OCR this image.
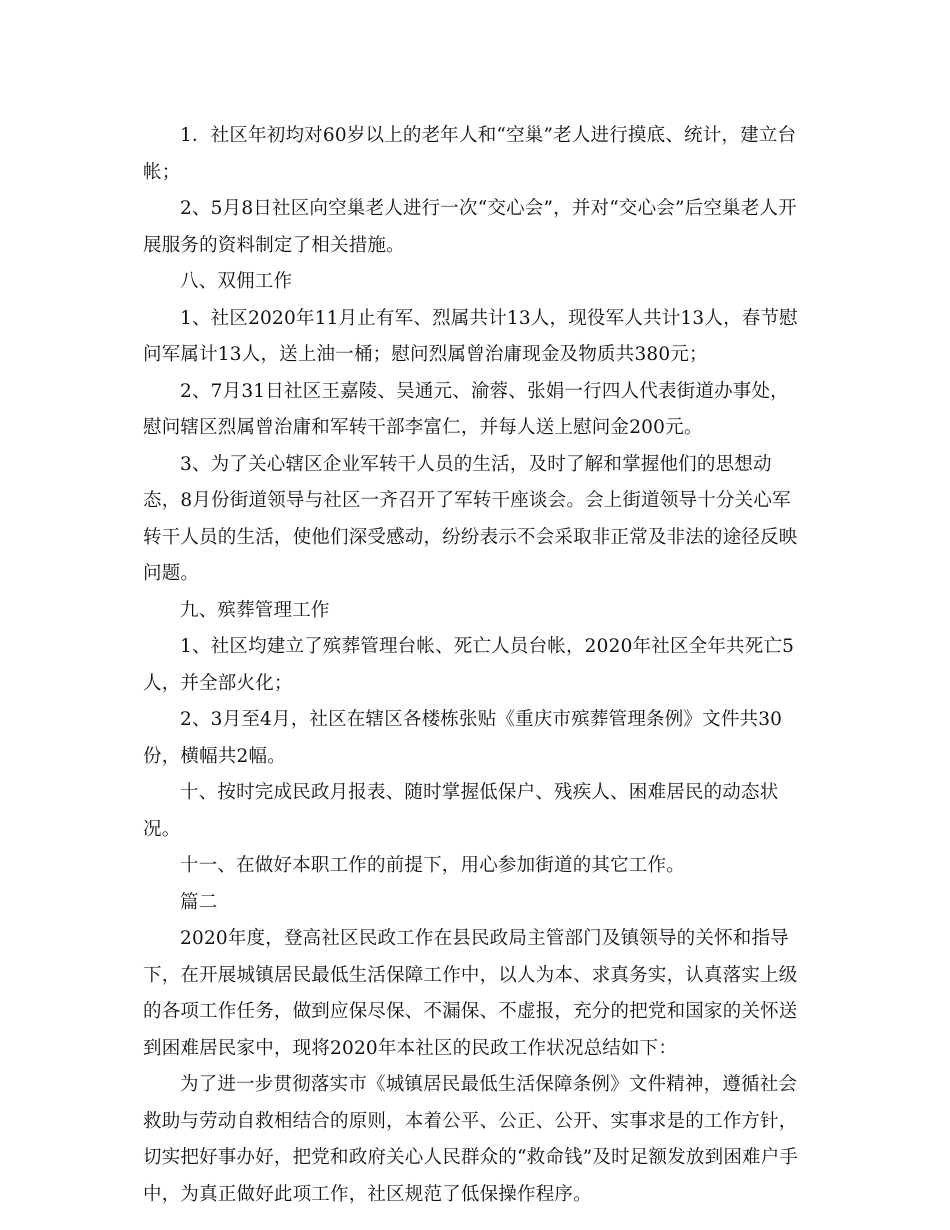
1．社区年初均对60岁以上的老年人和“空巢”老人进行摸底、统计，建立台帐；

2、5月8日社区向空巢老人进行一次“交心会”，并对“交心会”后空巢老人开展服务的资料制定了相关措施。

八、双佣工作

1、社区2020年11月止有军、烈属共计13人，现役军人共计13人，春节慰问军属计13人，送上油一桶；慰问烈属曾治庸现金及物质共380元；

2、7月31日社区王嘉陵、吴通元、渝蓉、张娟一行四人代表街道办事处，慰问辖区烈属曾治庸和军转干部李富仁，并每人送上慰问金200元。

3、为了关心辖区企业军转干人员的生活，及时了解和掌握他们的思想动态，8月份街道领导与社区一齐召开了军转干座谈会。会上街道领导十分关心军转干人员的生活，使他们深受感动，纷纷表示不会采取非正常及非法的途径反映问题。

九、殡葬管理工作

1、社区均建立了殡葬管理台帐、死亡人员台帐，2020年社区全年共死亡5人，并全部火化；

2、3月至4月，社区在辖区各楼栋张贴《重庆市殡葬管理条例》文件共30份，横幅共2幅。

十、按时完成民政月报表、随时掌握低保户、残疾人、困难居民的动态状况。

十一、在做好本职工作的前提下，用心参加街道的其它工作。

篇二

2020年度，登高社区民政工作在县民政局主管部门及镇领导的关怀和指导下，在开展城镇居民最低生活保障工作中，以人为本、求真务实，认真落实上级的各项工作任务，做到应保尽保、不漏保、不虚报，充分的把党和国家的关怀送到困难居民家中，现将2020年本社区的民政工作状况总结如下：

为了进一步贯彻落实市《城镇居民最低生活保障条例》文件精神，遵循社会救助与劳动自救相结合的原则，本着公平、公正、公开、实事求是的工作方针，切实把好事办好，把党和政府关心人民群众的“救命钱”及时足额发放到困难户手中，为真正做好此项工作，社区规范了低保操作程序。
